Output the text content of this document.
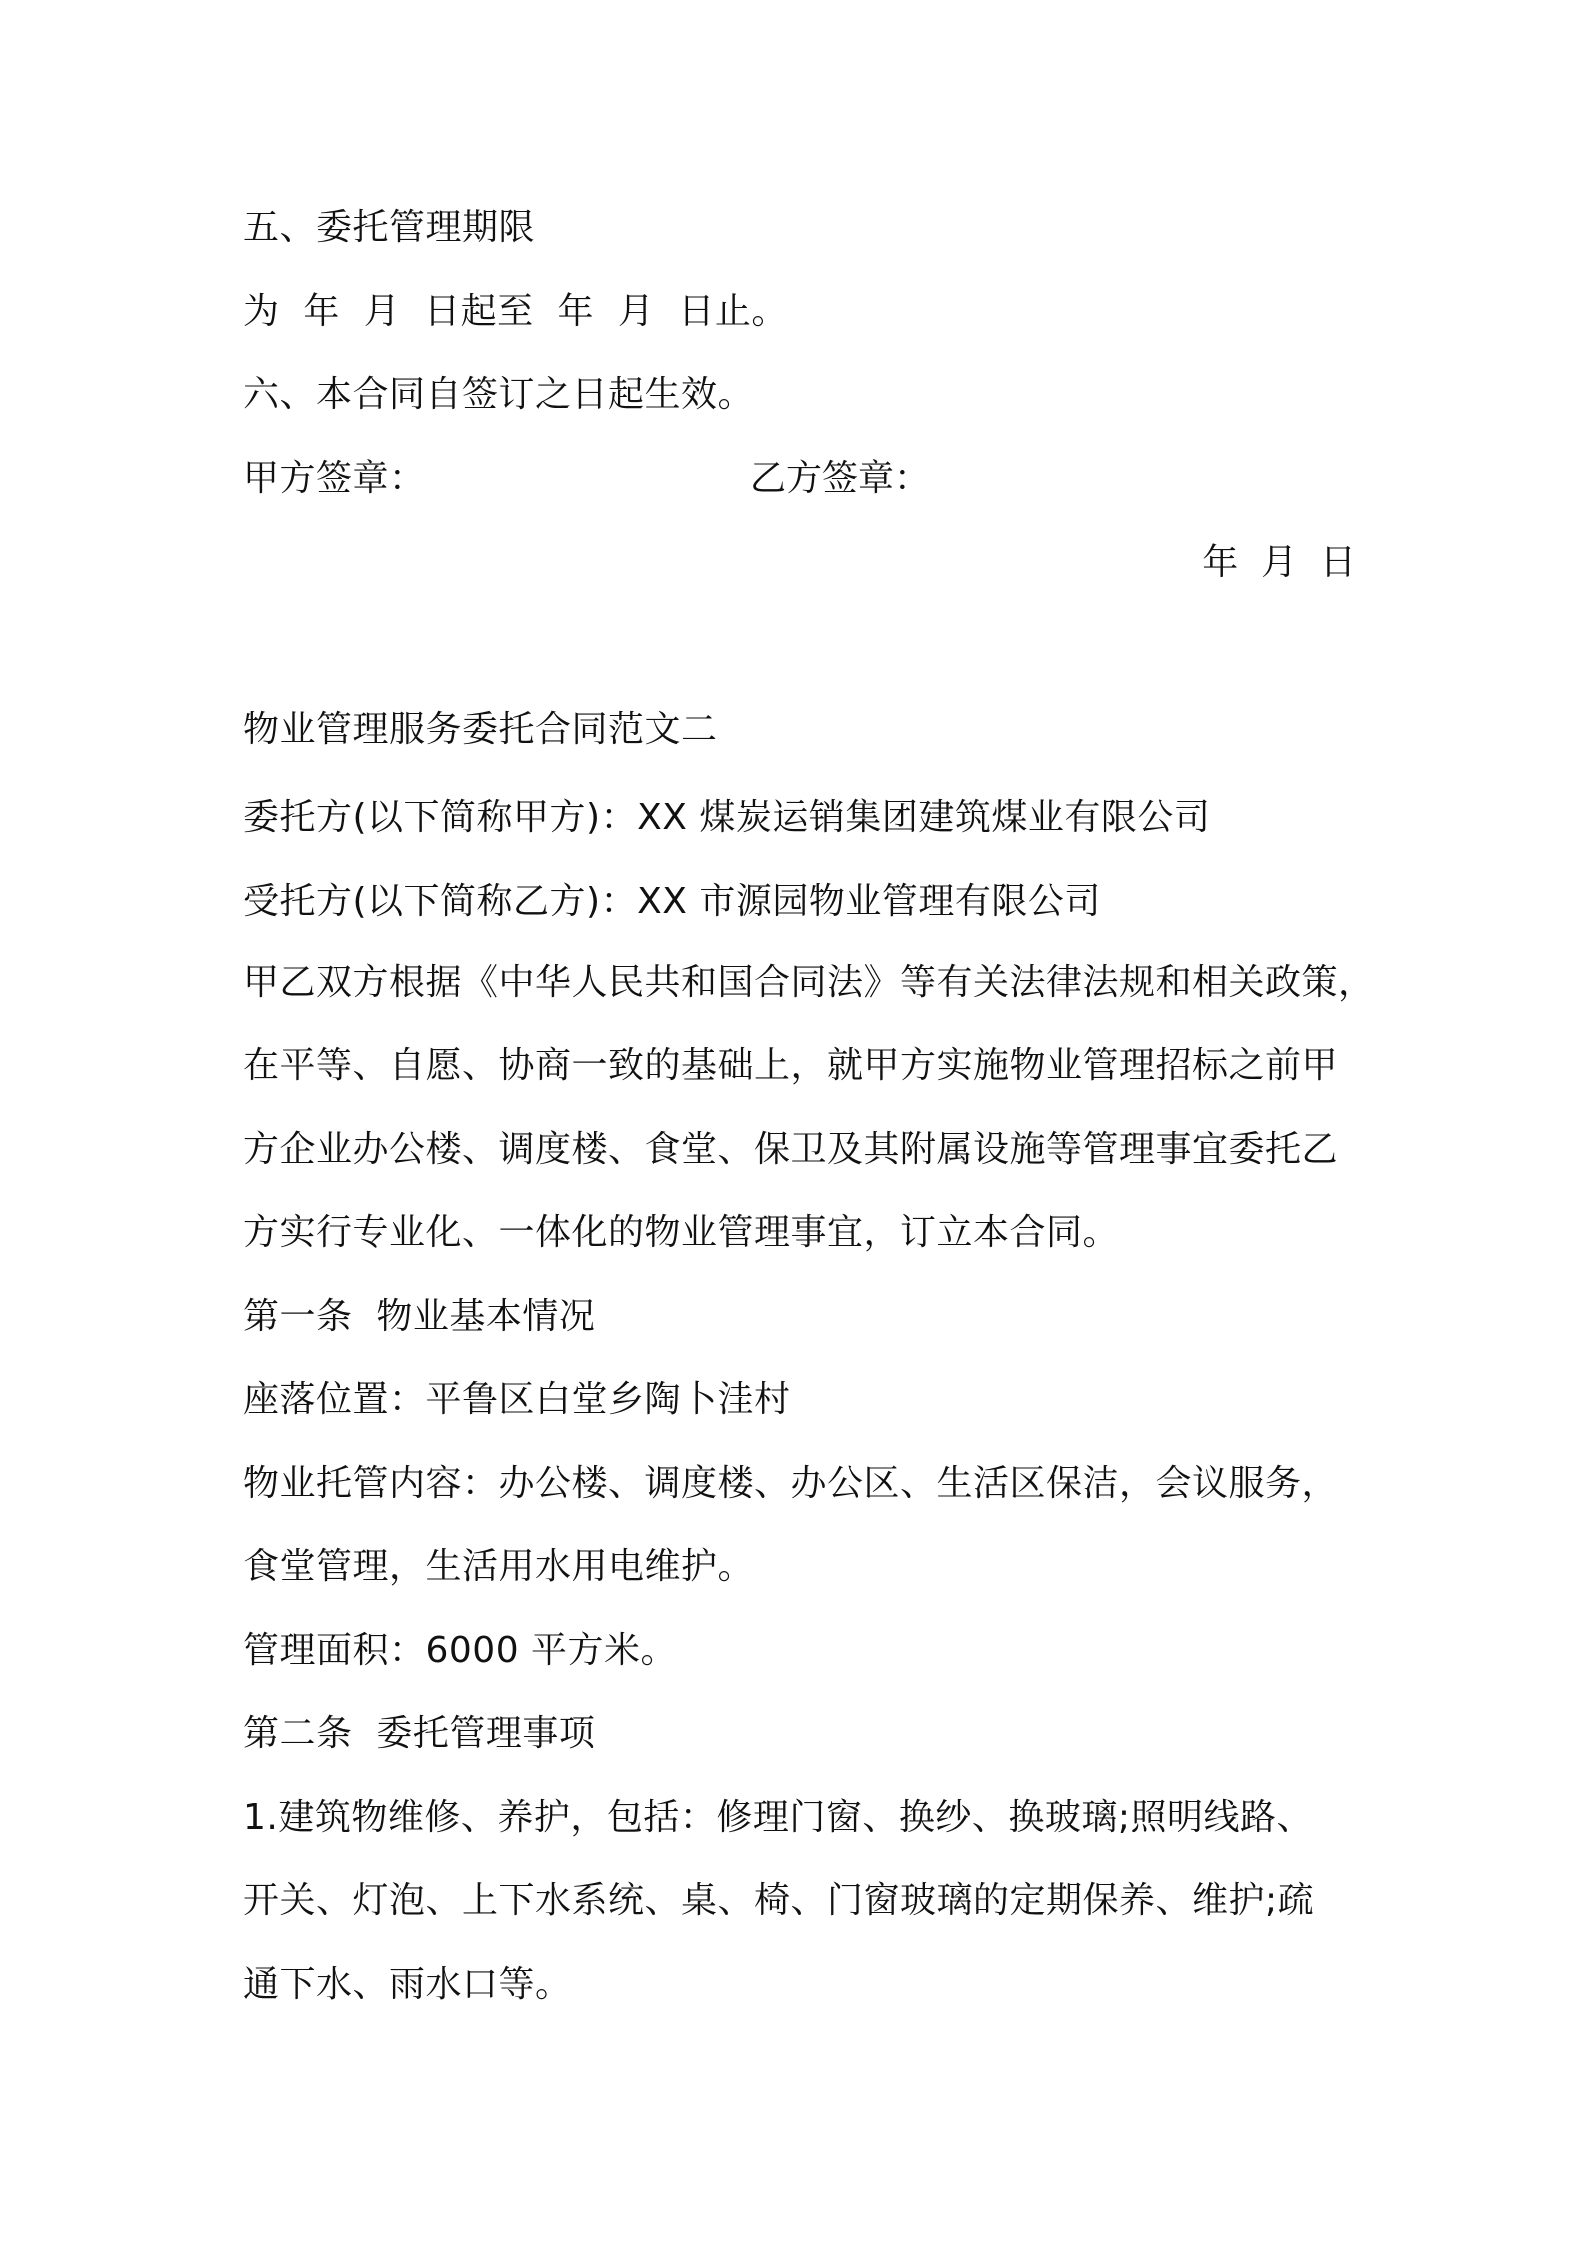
五、委托管理期限
为  年  月  日起至  年  月  日止。
六、本合同自签订之日起生效。
甲方签章：	乙方签章：
年  月  日
物业管理服务委托合同范文二
委托方(以下简称甲方)：XX 煤炭运销集团建筑煤业有限公司
受托方(以下简称乙方)：XX 市源园物业管理有限公司
甲乙双方根据《中华人民共和国合同法》等有关法律法规和相关政策，
在平等、自愿、协商一致的基础上，就甲方实施物业管理招标之前甲
方企业办公楼、调度楼、食堂、保卫及其附属设施等管理事宜委托乙
方实行专业化、一体化的物业管理事宜，订立本合同。
第一条  物业基本情况
座落位置：平鲁区白堂乡陶卜洼村
物业托管内容：办公楼、调度楼、办公区、生活区保洁，会议服务，
食堂管理，生活用水用电维护。
管理面积：6000 平方米。
第二条  委托管理事项
1.建筑物维修、养护，包括：修理门窗、换纱、换玻璃;照明线路、
开关、灯泡、上下水系统、桌、椅、门窗玻璃的定期保养、维护;疏
通下水、雨水口等。
